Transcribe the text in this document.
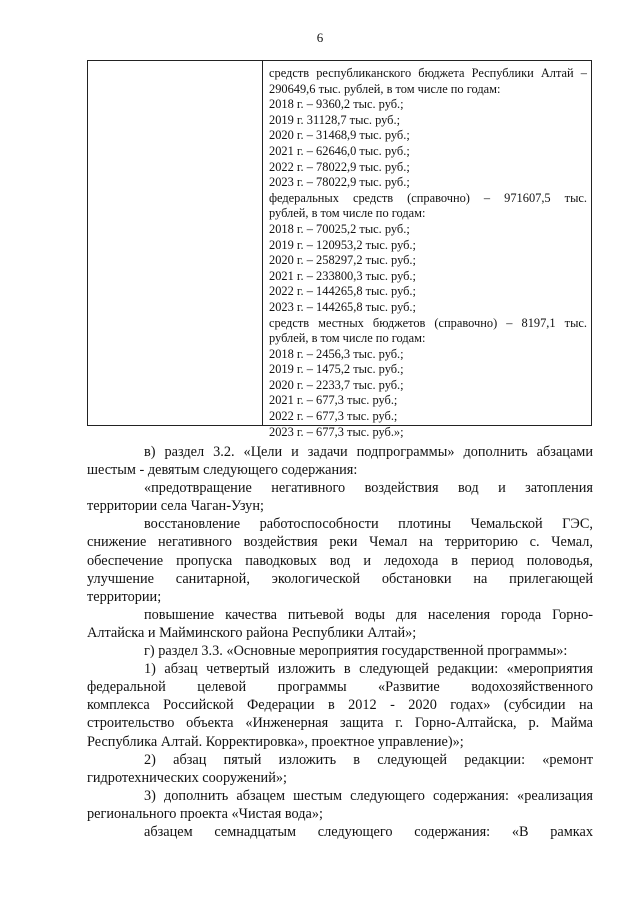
6
средств республиканского бюджета Республики Алтай –
290649,6 тыс. рублей, в том числе по годам:
2018 г. – 9360,2 тыс. руб.;
2019 г. 31128,7 тыс. руб.;
2020 г. – 31468,9 тыс. руб.;
2021 г. – 62646,0 тыс. руб.;
2022 г. – 78022,9 тыс. руб.;
2023 г. – 78022,9 тыс. руб.;
федеральных средств (справочно) – 971607,5 тыс.
рублей, в том числе по годам:
2018 г. – 70025,2 тыс. руб.;
2019 г. – 120953,2 тыс. руб.;
2020 г. – 258297,2 тыс. руб.;
2021 г. – 233800,3 тыс. руб.;
2022 г. – 144265,8 тыс. руб.;
2023 г. – 144265,8 тыс. руб.;
средств местных бюджетов (справочно) – 8197,1 тыс.
рублей, в том числе по годам:
2018 г. – 2456,3 тыс. руб.;
2019 г. – 1475,2 тыс. руб.;
2020 г. – 2233,7 тыс. руб.;
2021 г. – 677,3 тыс. руб.;
2022 г. – 677,3 тыс. руб.;
2023 г. – 677,3 тыс. руб.»;
в) раздел 3.2. «Цели и задачи подпрограммы» дополнить абзацами
шестым - девятым следующего содержания:
«предотвращение негативного воздействия вод и затопления
территории села Чаган-Узун;
восстановление работоспособности плотины Чемальской ГЭС,
снижение негативного воздействия реки Чемал на территорию с. Чемал,
обеспечение пропуска паводковых вод и ледохода в период половодья,
улучшение санитарной, экологической обстановки на прилегающей
территории;
повышение качества питьевой воды для населения города Горно-
Алтайска и Майминского района Республики Алтай»;
г) раздел 3.3. «Основные мероприятия государственной программы»:
1) абзац четвертый изложить в следующей редакции: «мероприятия
федеральной целевой программы «Развитие водохозяйственного
комплекса Российской Федерации в 2012 - 2020 годах» (субсидии на
строительство объекта «Инженерная защита г. Горно-Алтайска, р. Майма
Республика Алтай. Корректировка», проектное управление)»;
2) абзац пятый изложить в следующей редакции: «ремонт
гидротехнических сооружений»;
3) дополнить абзацем шестым следующего содержания: «реализация
регионального проекта «Чистая вода»;
абзацем семнадцатым следующего содержания: «В рамках
